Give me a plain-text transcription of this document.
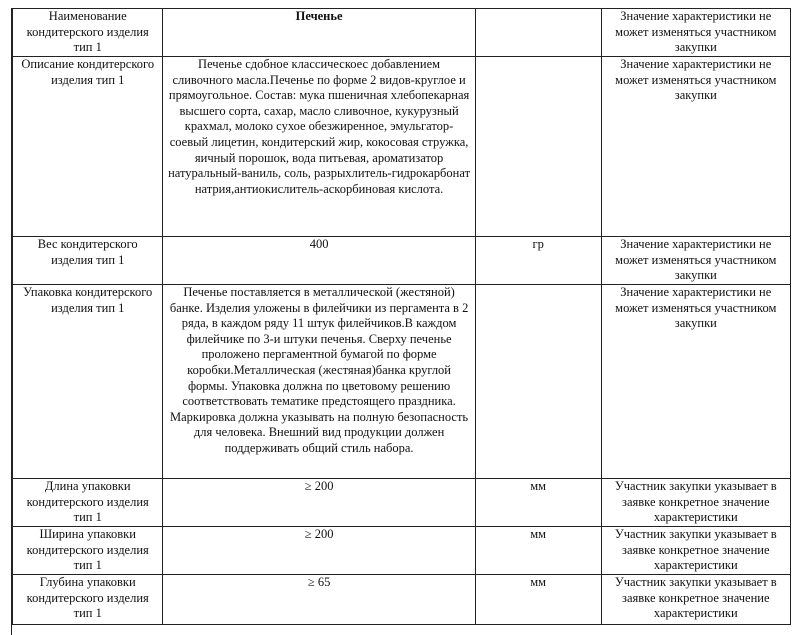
Наименование кондитерского изделия тип 1	Печенье		Значение характеристики не может изменяться участником закупки
Описание кондитерского изделия тип 1	Печенье сдобное классическоес добавлением сливочного масла.Печенье по форме 2 видов-круглое и прямоугольное. Состав: мука пшеничная хлебопекарная высшего сорта, сахар, масло сливочное, кукурузный крахмал, молоко сухое обезжиренное, эмульгатор-соевый лицетин, кондитерский жир, кокосовая стружка, яичный порошок, вода питьевая, ароматизатор натуральный-ваниль, соль, разрыхлитель-гидрокарбонат натрия,антиокислитель-аскорбиновая кислота.		Значение характеристики не может изменяться участником закупки
Вес кондитерского изделия тип 1	400	гр	Значение характеристики не может изменяться участником закупки
Упаковка кондитерского изделия тип 1	Печенье поставляется в металлической (жестяной) банке. Изделия уложены в филейчики из пергамента в 2 ряда, в каждом ряду 11 штук филейчиков.В каждом филейчике по 3-и штуки печенья. Сверху печенье проложено пергаментной бумагой по форме коробки.Металлическая (жестяная)банка круглой формы. Упаковка должна по цветовому решению соответствовать тематике предстоящего праздника. Маркировка должна указывать на полную безопасность для человека. Внешний вид продукции должен поддерживать общий стиль набора.		Значение характеристики не может изменяться участником закупки
Длина упаковки кондитерского изделия тип 1	≥ 200	мм	Участник закупки указывает в заявке конкретное значение характеристики
Ширина упаковки кондитерского изделия тип 1	≥ 200	мм	Участник закупки указывает в заявке конкретное значение характеристики
Глубина упаковки кондитерского изделия тип 1	≥ 65	мм	Участник закупки указывает в заявке конкретное значение характеристики
